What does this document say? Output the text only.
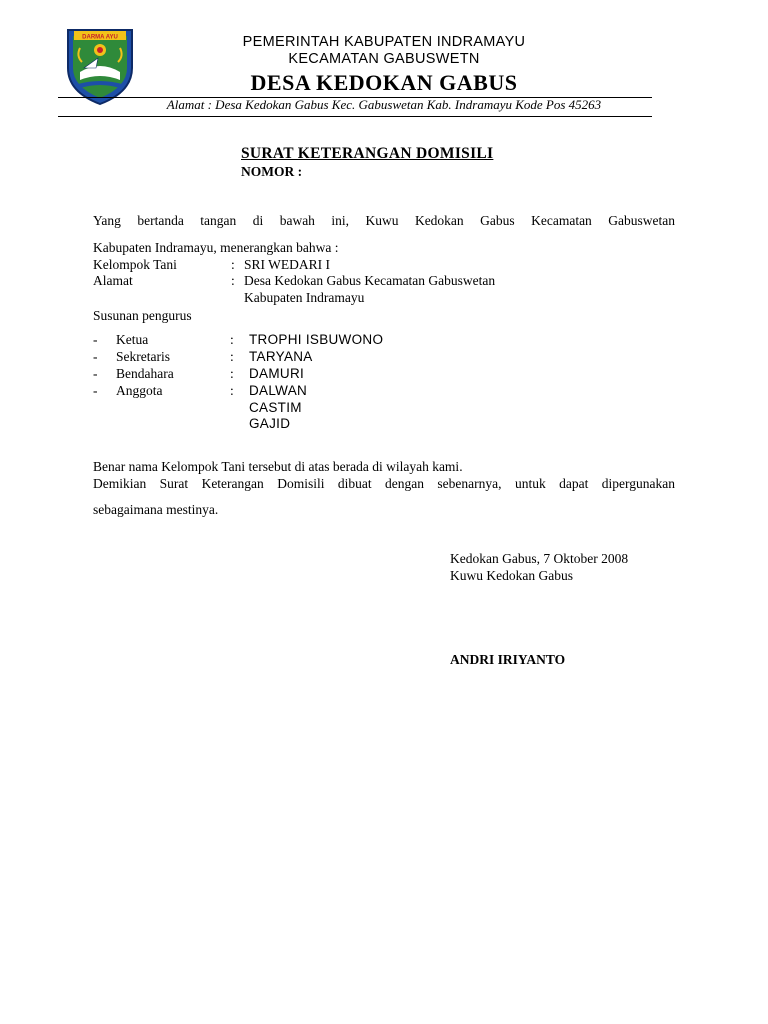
DARMA AYU	PEMERINTAH KABUPATEN INDRAMAYU
KECAMATAN GABUSWETN
DESA KEDOKAN GABUS
Alamat : Desa Kedokan Gabus Kec. Gabuswetan Kab. Indramayu Kode Pos 45263
SURAT KETERANGAN DOMISILI
NOMOR :
Yang bertanda tangan di bawah ini, Kuwu Kedokan Gabus Kecamatan Gabuswetan
Kabupaten Indramayu, menerangkan bahwa :
Kelompok Tani	: SRI WEDARI I
Alamat	: Desa Kedokan Gabus Kecamatan Gabuswetan
Kabupaten Indramayu
Susunan pengurus
- Ketua	: TROPHI ISBUWONO
- Sekretaris	: TARYANA
- Bendahara	: DAMURI
- Anggota	: DALWAN
CASTIM
GAJID
Benar nama Kelompok Tani tersebut di atas berada di wilayah kami.
Demikian Surat Keterangan Domisili dibuat dengan sebenarnya, untuk dapat dipergunakan
sebagaimana mestinya.
Kedokan Gabus, 7 Oktober 2008
Kuwu Kedokan Gabus
ANDRI IRIYANTO
